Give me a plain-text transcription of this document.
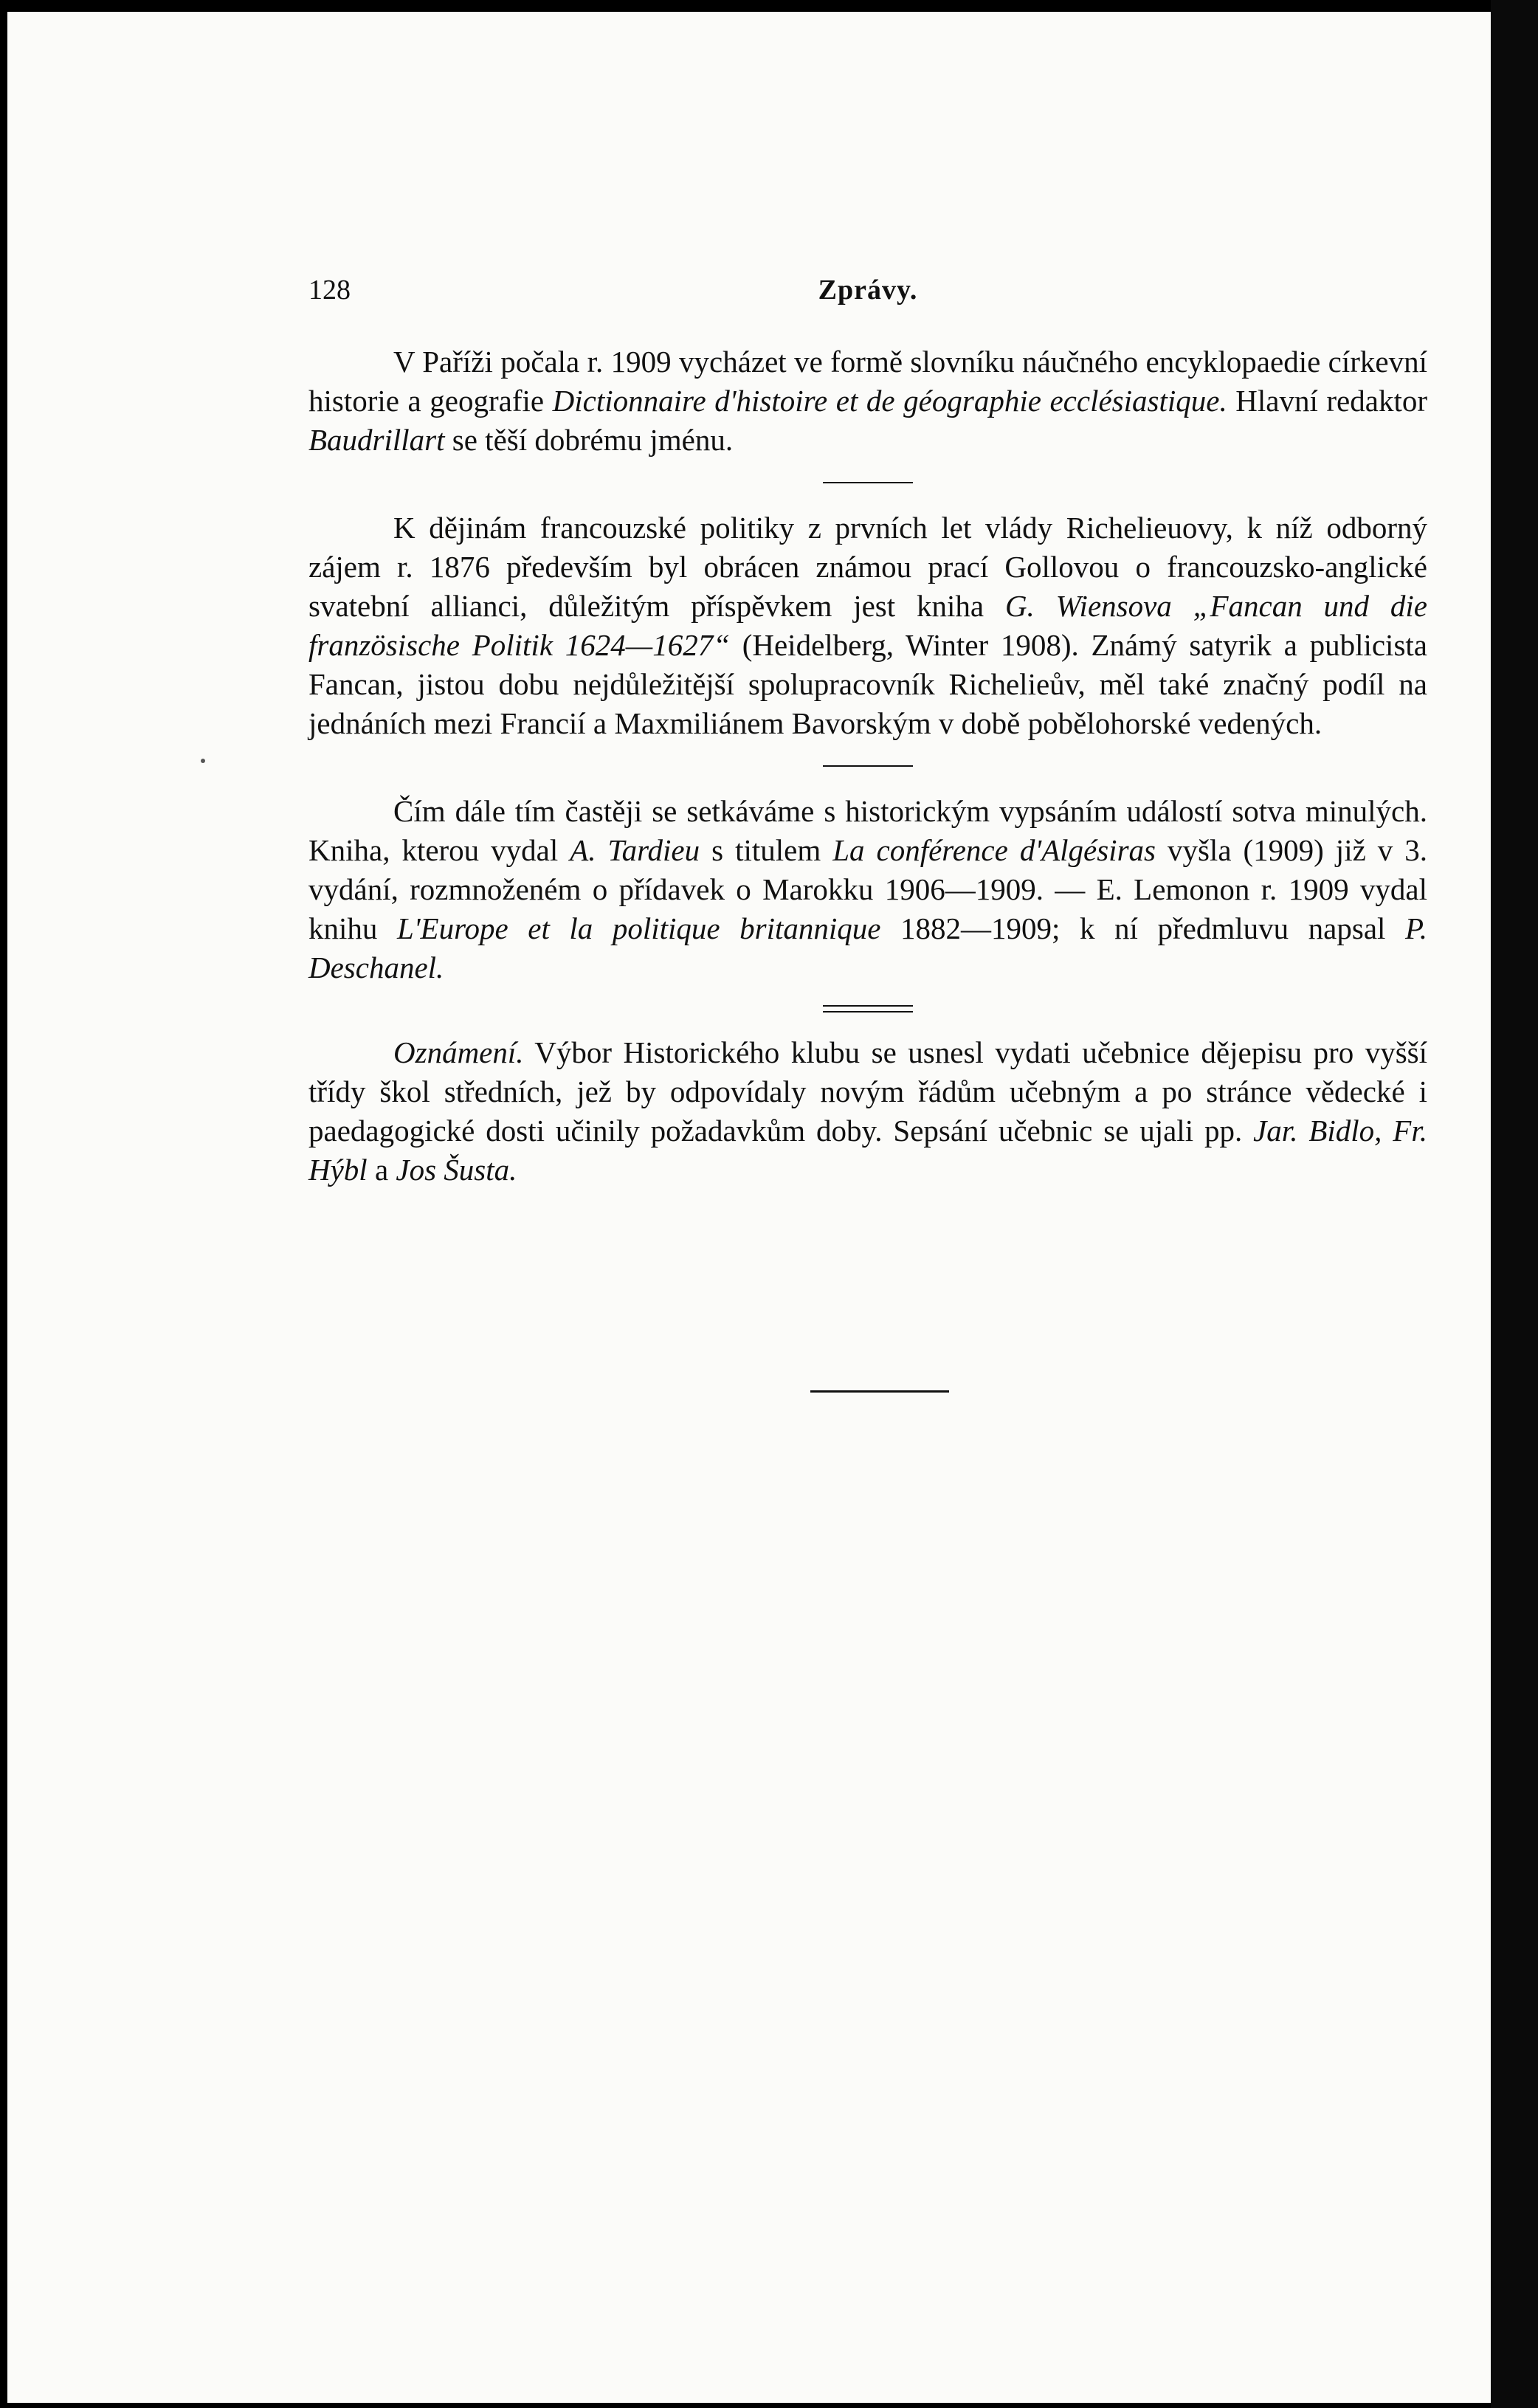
128	Zprávy.

V Paříži počala r. 1909 vycházet ve formě slovníku náučného encyklopaedie církevní historie a geografie Dictionnaire d'histoire et de géographie ecclésiastique. Hlavní redaktor Baudrillart se těší dobrému jménu.

K dějinám francouzské politiky z prvních let vlády Richelieuovy, k níž odborný zájem r. 1876 především byl obrácen známou prací Gollovou o francouzsko-anglické svatební allianci, důležitým příspěvkem jest kniha G. Wiensova „Fancan und die französische Politik 1624—1627“ (Heidelberg, Winter 1908). Známý satyrik a publicista Fancan, jistou dobu nejdůležitější spolupracovník Richelieův, měl také značný podíl na jednáních mezi Francií a Maxmiliánem Bavorským v době pobělohorské vedených.

Čím dále tím častěji se setkáváme s historickým vypsáním událostí sotva minulých. Kniha, kterou vydal A. Tardieu s titulem La conférence d'Algésiras vyšla (1909) již v 3. vydání, rozmnoženém o přídavek o Marokku 1906—1909. — E. Lemonon r. 1909 vydal knihu L'Europe et la politique britannique 1882—1909; k ní předmluvu napsal P. Deschanel.

Oznámení. Výbor Historického klubu se usnesl vydati učebnice dějepisu pro vyšší třídy škol středních, jež by odpovídaly novým řádům učebným a po stránce vědecké i paedagogické dosti učinily požadavkům doby. Sepsání učebnic se ujali pp. Jar. Bidlo, Fr. Hýbl a Jos Šusta.
